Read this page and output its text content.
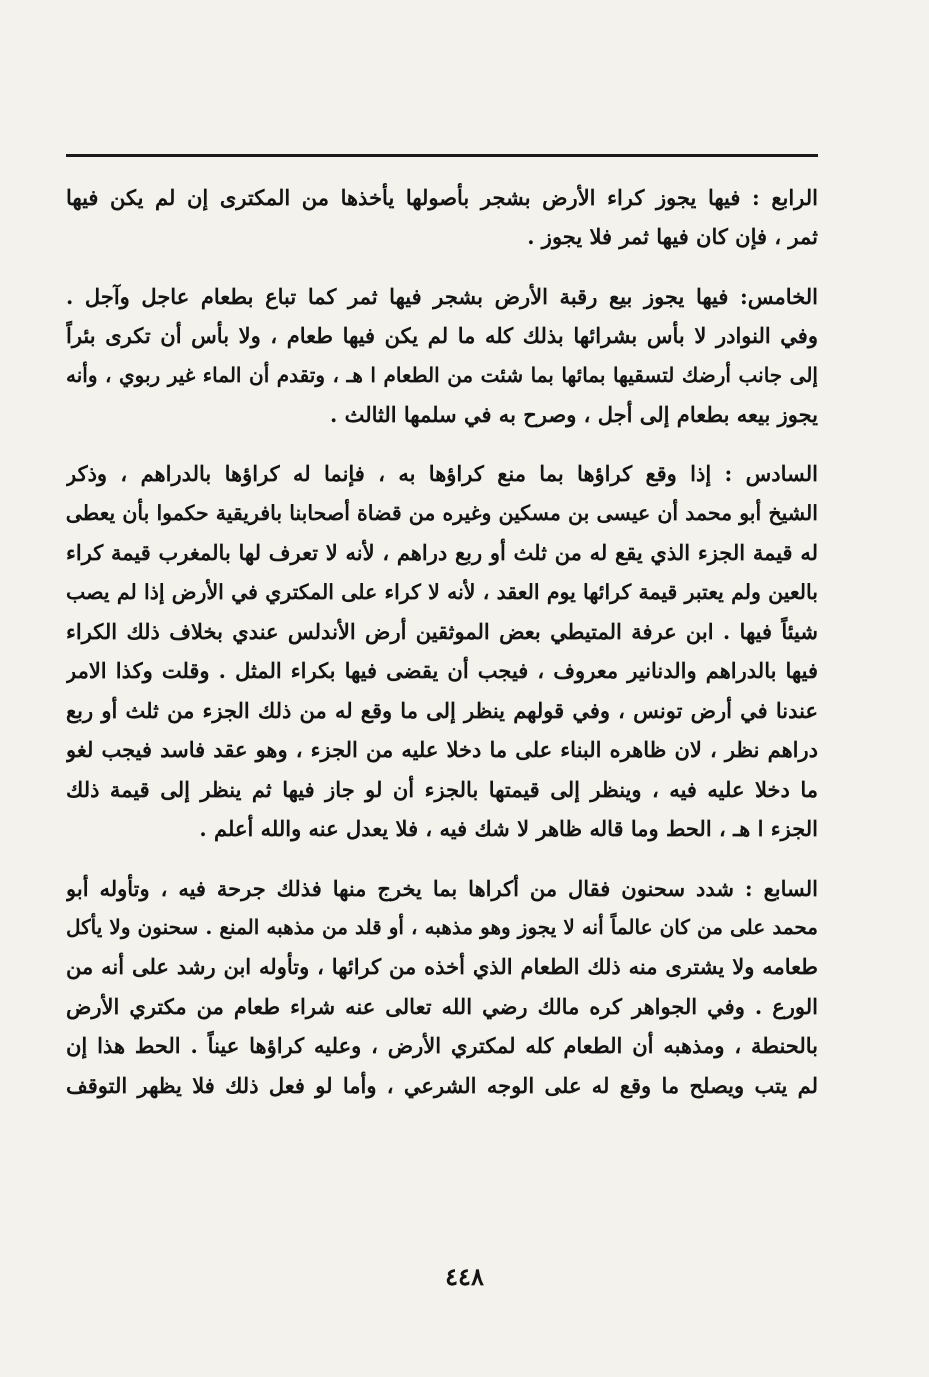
الرابع : فيها يجوز كراء الأرض بشجر بأصولها يأخذها من المكترى إن لم يكن فيها
ثمر ، فإن كان فيها ثمر فلا يجوز .
الخامس: فيها يجوز بيع رقبة الأرض بشجر فيها ثمر كما تباع بطعام عاجل وآجل .
وفي النوادر لا بأس بشرائها بذلك كله ما لم يكن فيها طعام ، ولا بأس أن تكرى بئراً
إلى جانب أرضك لتسقيها بمائها بما شئت من الطعام ا هـ ، وتقدم أن الماء غير ربوي ، وأنه
يجوز بيعه بطعام إلى أجل ، وصرح به في سلمها الثالث .
السادس : إذا وقع كراؤها بما منع كراؤها به ، فإنما له كراؤها بالدراهم ، وذكر
الشيخ أبو محمد أن عيسى بن مسكين وغيره من قضاة أصحابنا بافريقية حكموا بأن يعطى
له قيمة الجزء الذي يقع له من ثلث أو ربع دراهم ، لأنه لا تعرف لها بالمغرب قيمة كراء
بالعين ولم يعتبر قيمة كرائها يوم العقد ، لأنه لا كراء على المكتري في الأرض إذا لم يصب
شيئاً فيها . ابن عرفة المتيطي بعض الموثقين أرض الأندلس عندي بخلاف ذلك الكراء
فيها بالدراهم والدنانير معروف ، فيجب أن يقضى فيها بكراء المثل . وقلت وكذا الامر
عندنا في أرض تونس ، وفي قولهم ينظر إلى ما وقع له من ذلك الجزء من ثلث أو ربع
دراهم نظر ، لان ظاهره البناء على ما دخلا عليه من الجزء ، وهو عقد فاسد فيجب لغو
ما دخلا عليه فيه ، وينظر إلى قيمتها بالجزء أن لو جاز فيها ثم ينظر إلى قيمة ذلك
الجزء ا هـ ، الحط وما قاله ظاهر لا شك فيه ، فلا يعدل عنه والله أعلم .
السابع : شدد سحنون فقال من أكراها بما يخرج منها فذلك جرحة فيه ، وتأوله أبو
محمد على من كان عالماً أنه لا يجوز وهو مذهبه ، أو قلد من مذهبه المنع . سحنون ولا يأكل
طعامه ولا يشترى منه ذلك الطعام الذي أخذه من كرائها ، وتأوله ابن رشد على أنه من
الورع . وفي الجواهر كره مالك رضي الله تعالى عنه شراء طعام من مكتري الأرض
بالحنطة ، ومذهبه أن الطعام كله لمكتري الأرض ، وعليه كراؤها عيناً . الحط هذا إن
لم يتب ويصلح ما وقع له على الوجه الشرعي ، وأما لو فعل ذلك فلا يظهر التوقف
٤٤٨
